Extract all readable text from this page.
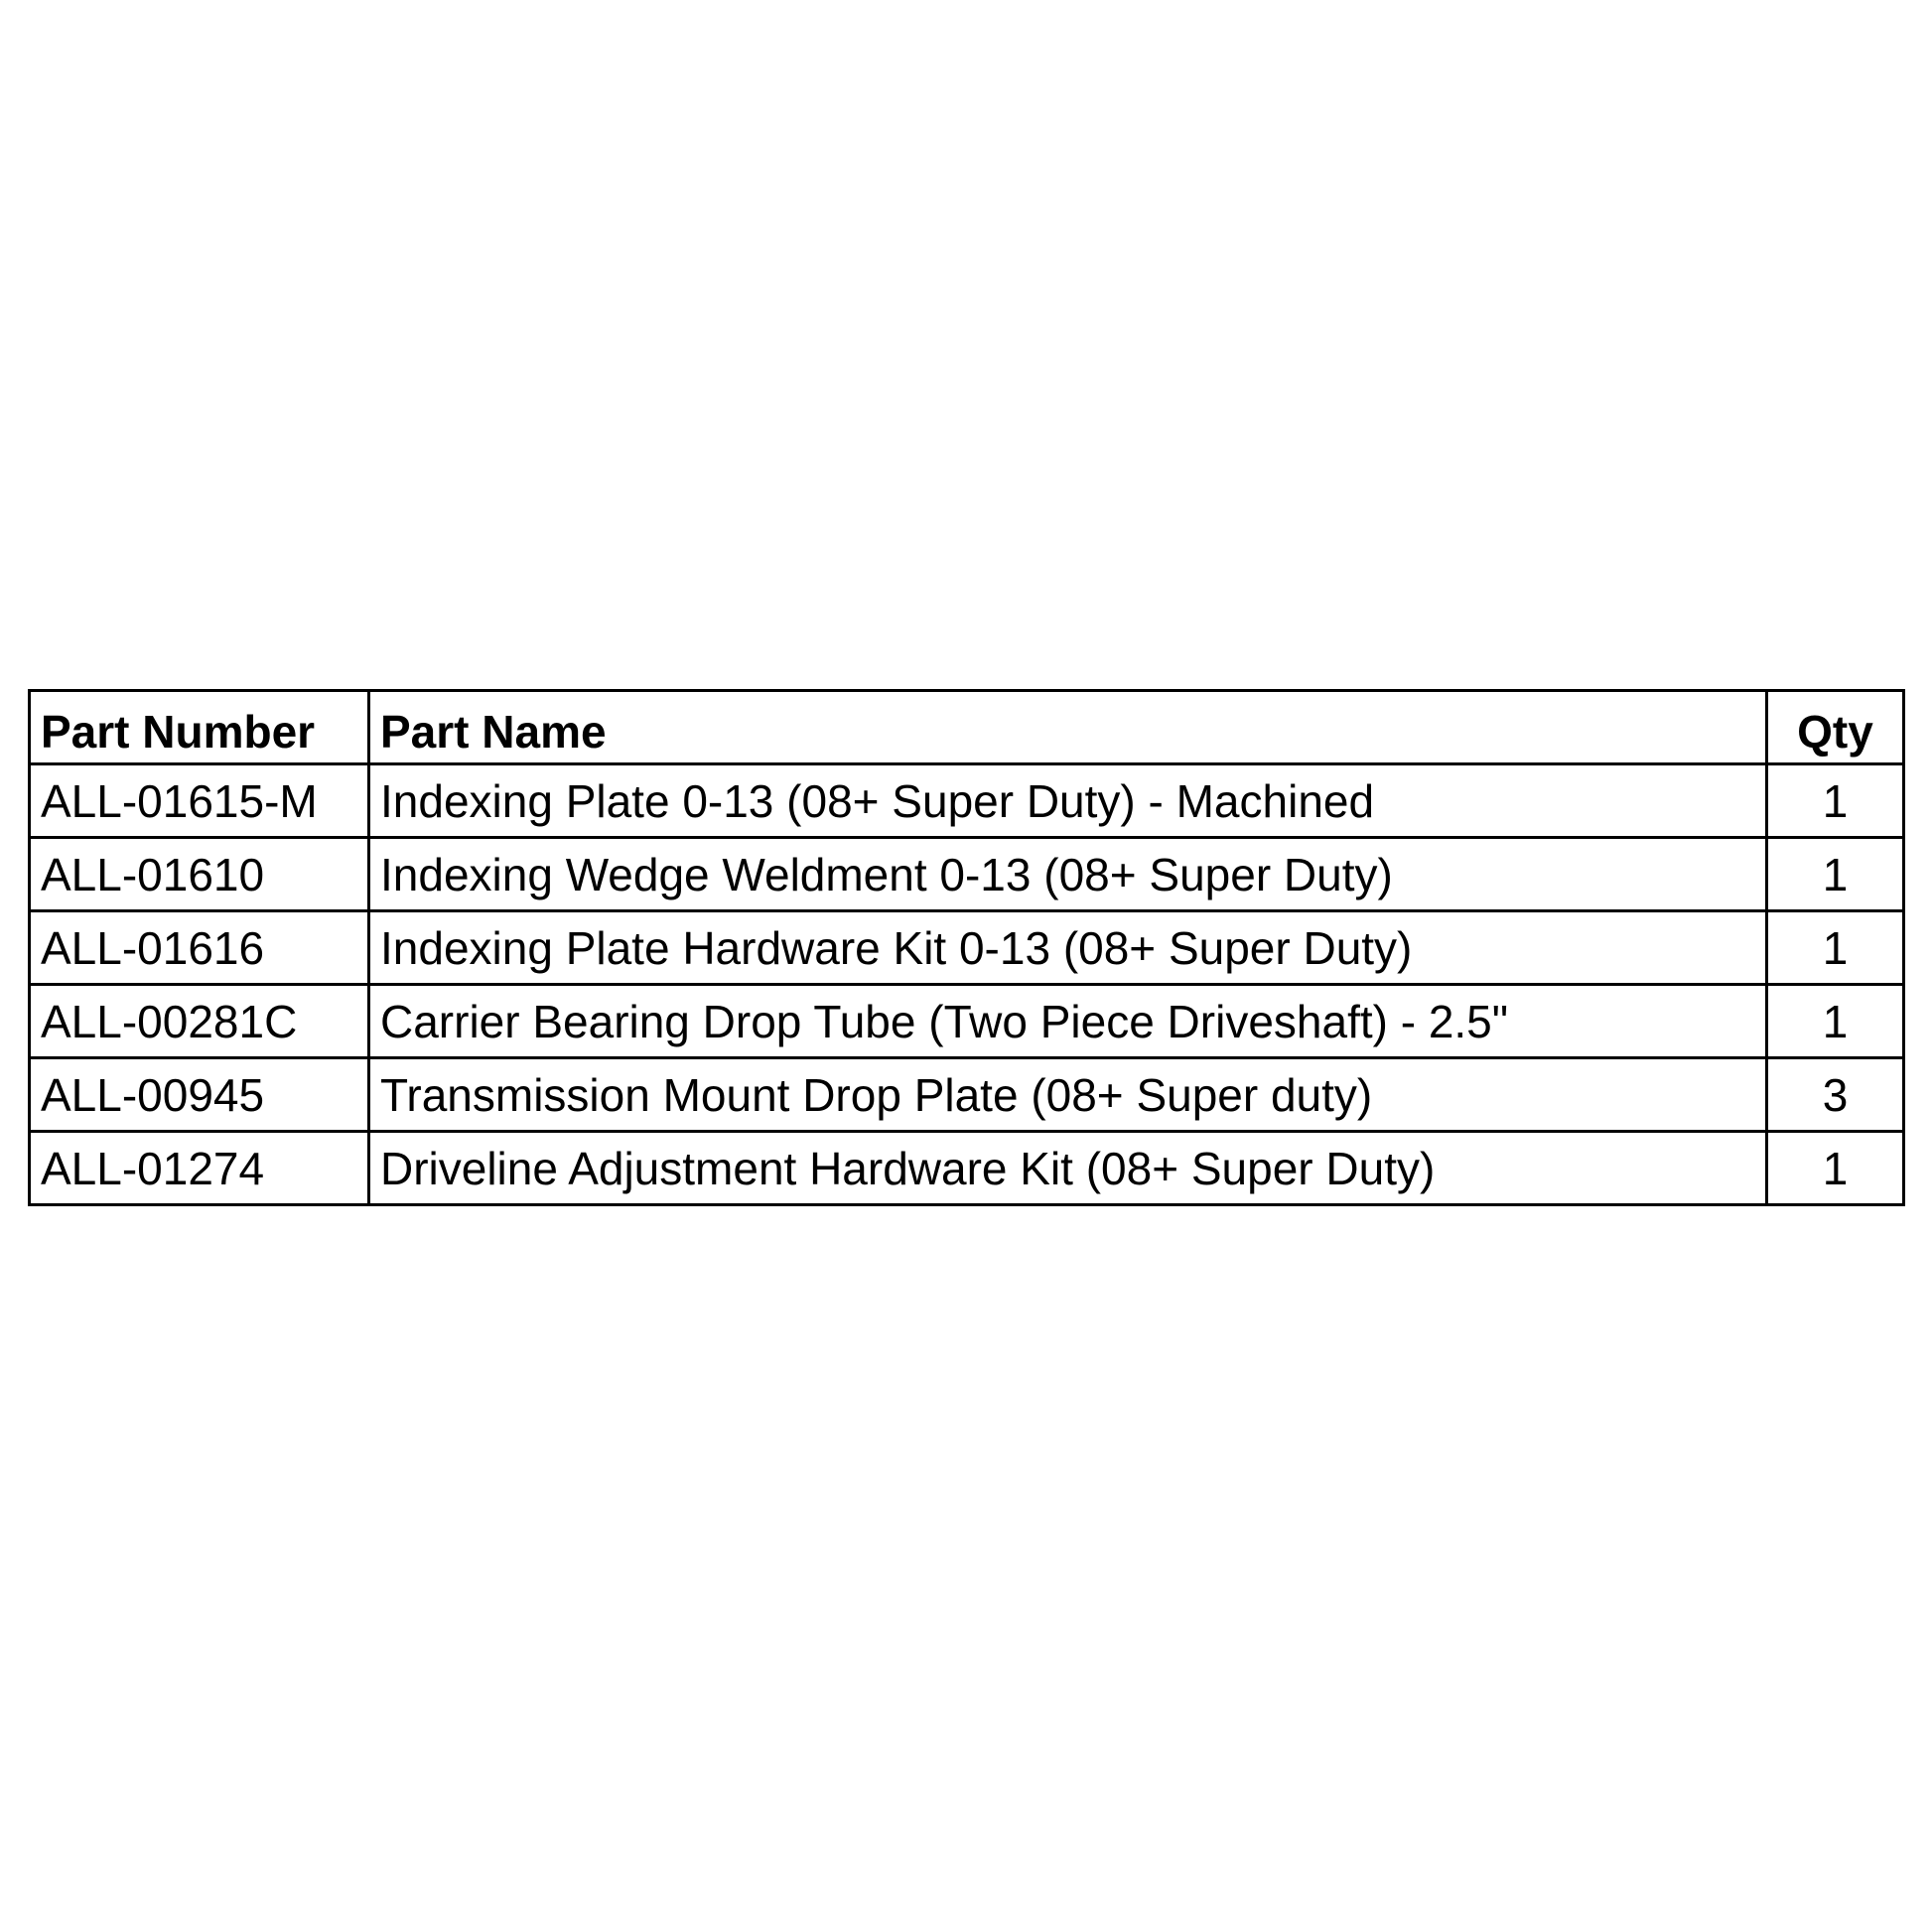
Part Number	Part Name	Qty
ALL-01615-M	Indexing Plate 0-13 (08+ Super Duty) - Machined	1
ALL-01610	Indexing Wedge Weldment 0-13 (08+ Super Duty)	1
ALL-01616	Indexing Plate Hardware Kit 0-13 (08+ Super Duty)	1
ALL-00281C	Carrier Bearing Drop Tube (Two Piece Driveshaft) - 2.5"	1
ALL-00945	Transmission Mount Drop Plate (08+ Super duty)	3
ALL-01274	Driveline Adjustment Hardware Kit (08+ Super Duty)	1
